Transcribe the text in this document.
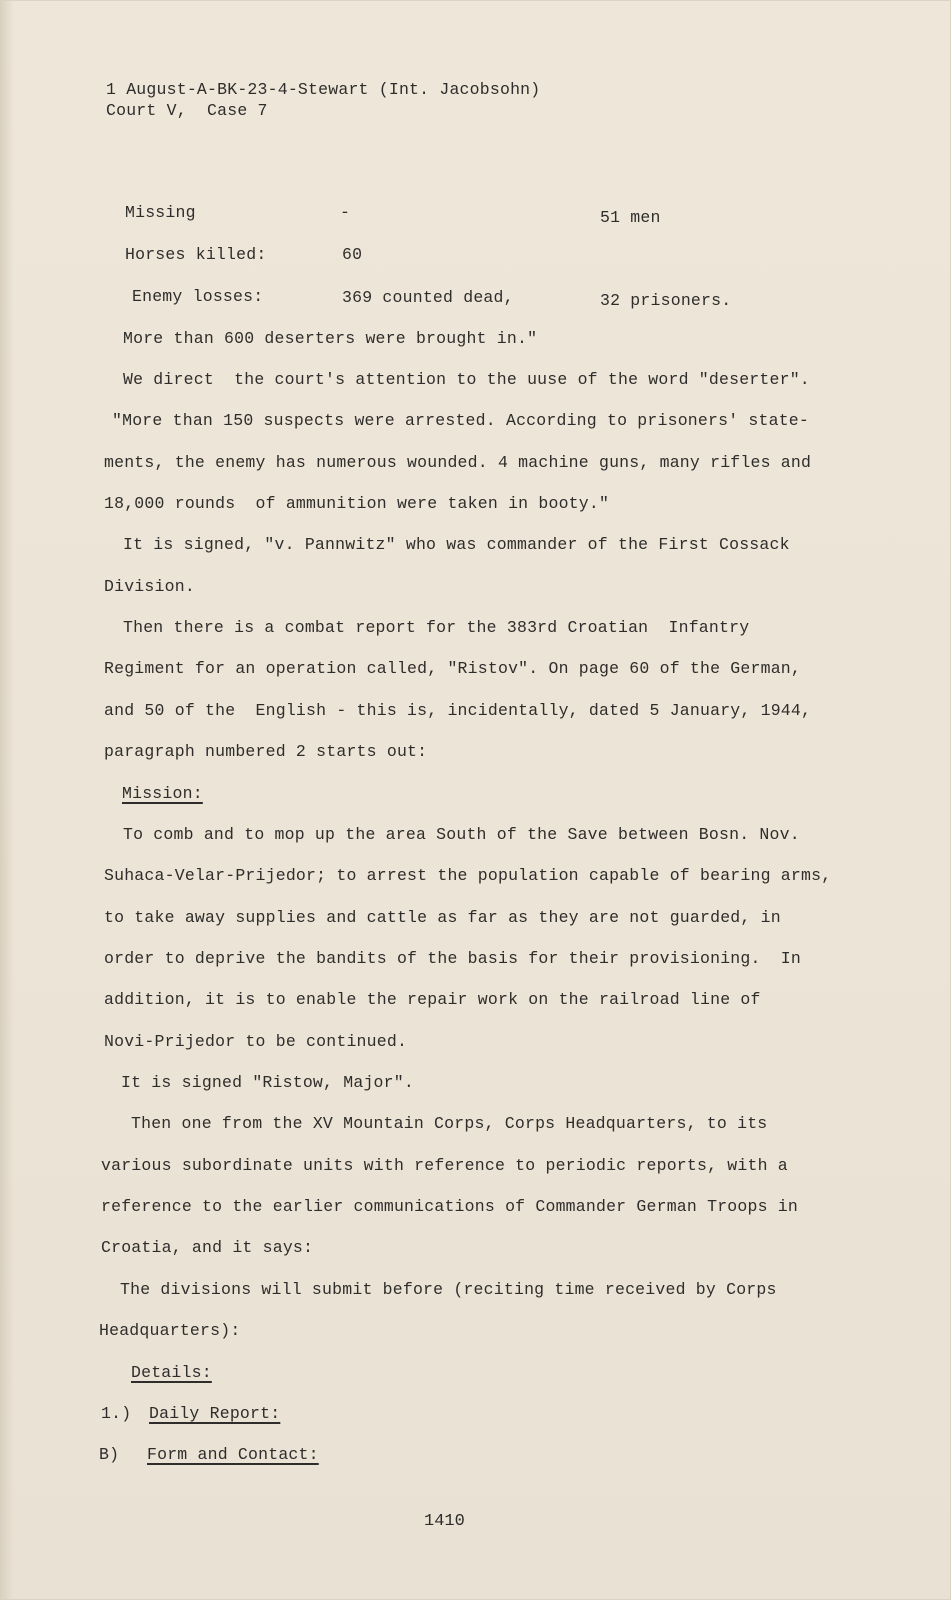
1 August-A-BK-23-4-Stewart (Int. Jacobsohn)
Court V,  Case 7
Missing	-	51 men
Horses killed:	60
Enemy losses:	369 counted dead,	32 prisoners.
More than 600 deserters were brought in."
We direct  the court's attention to the uuse of the word "deserter".
"More than 150 suspects were arrested. According to prisoners' state-
ments, the enemy has numerous wounded. 4 machine guns, many rifles and
18,000 rounds  of ammunition were taken in booty."
It is signed, "v. Pannwitz" who was commander of the First Cossack
Division.
Then there is a combat report for the 383rd Croatian  Infantry
Regiment for an operation called, "Ristov". On page 60 of the German,
and 50 of the  English - this is, incidentally, dated 5 January, 1944,
paragraph numbered 2 starts out:
Mission:
To comb and to mop up the area South of the Save between Bosn. Nov.
Suhaca-Velar-Prijedor; to arrest the population capable of bearing arms,
to take away supplies and cattle as far as they are not guarded, in
order to deprive the bandits of the basis for their provisioning.  In
addition, it is to enable the repair work on the railroad line of
Novi-Prijedor to be continued.
It is signed "Ristow, Major".
Then one from the XV Mountain Corps, Corps Headquarters, to its
various subordinate units with reference to periodic reports, with a
reference to the earlier communications of Commander German Troops in
Croatia, and it says:
The divisions will submit before (reciting time received by Corps
Headquarters):
Details:
1.) Daily Report:
B) Form and Contact:
1410
